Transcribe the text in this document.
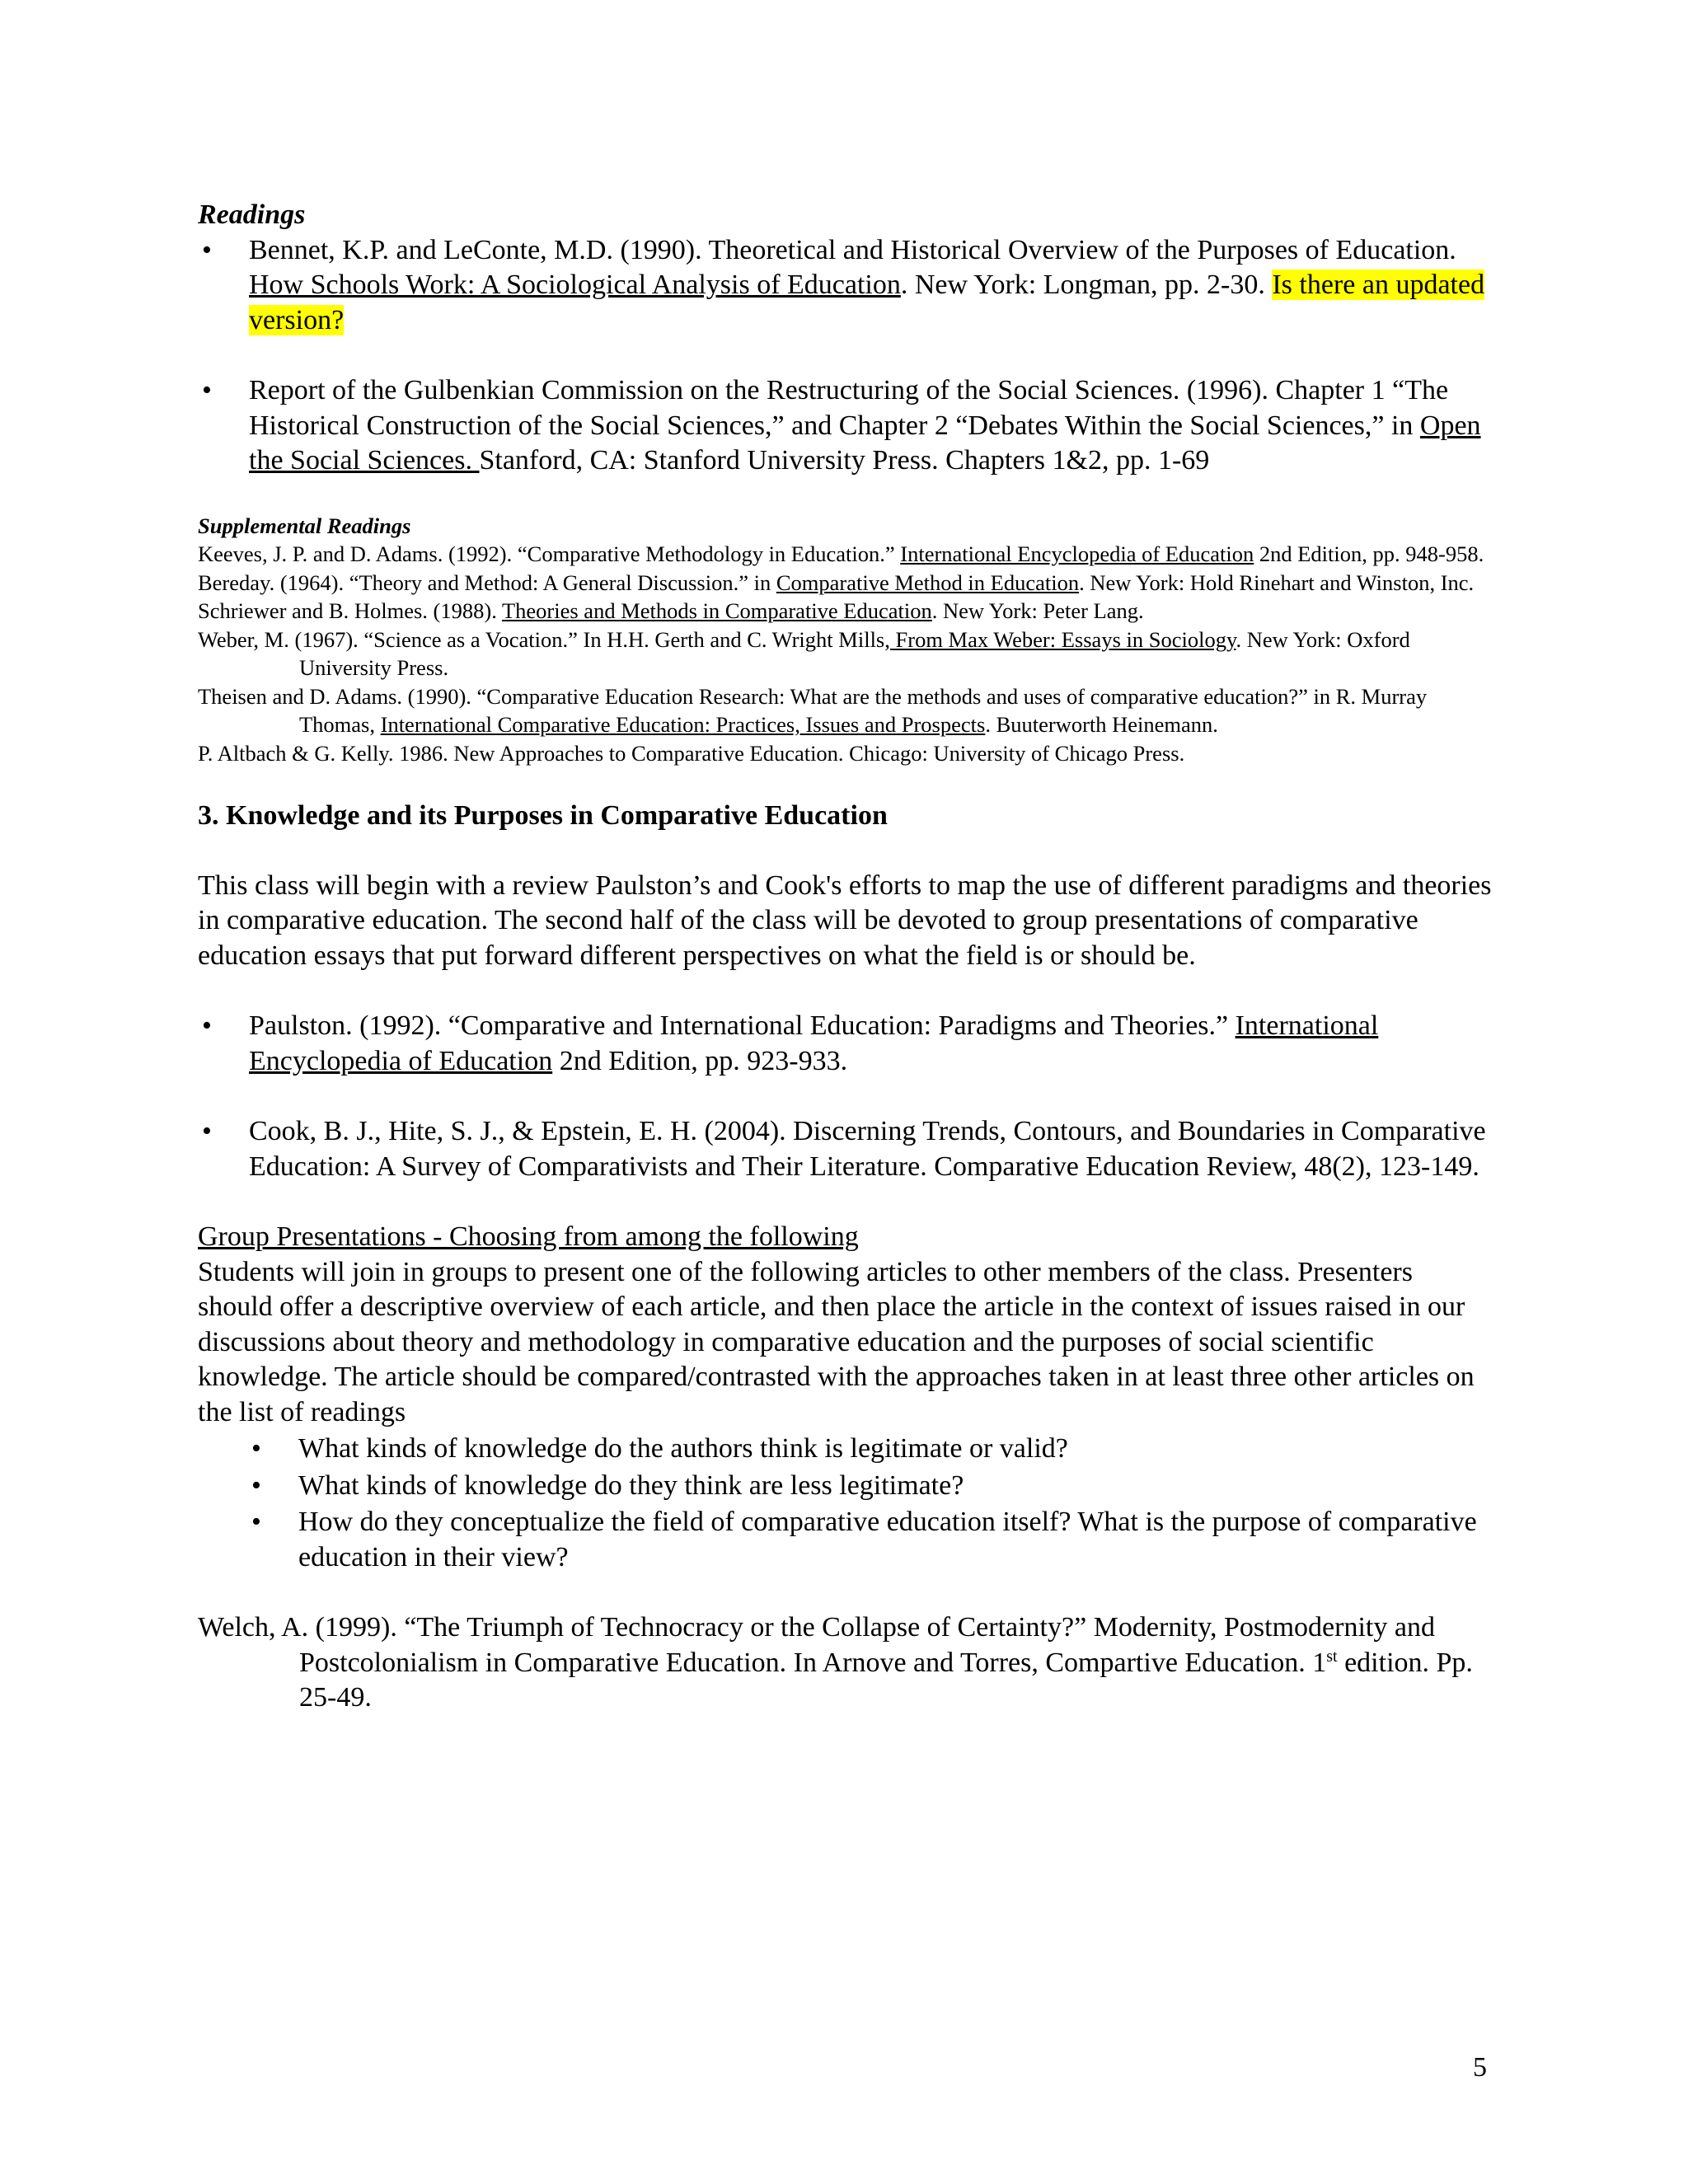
Readings
• Bennet, K.P. and LeConte, M.D. (1990). Theoretical and Historical Overview of the Purposes of Education. How Schools Work: A Sociological Analysis of Education. New York: Longman, pp. 2-30. Is there an updated version?
• Report of the Gulbenkian Commission on the Restructuring of the Social Sciences. (1996). Chapter 1 “The Historical Construction of the Social Sciences,” and Chapter 2 “Debates Within the Social Sciences,” in Open the Social Sciences. Stanford, CA: Stanford University Press. Chapters 1&2, pp. 1-69
Supplemental Readings
Keeves, J. P. and D. Adams. (1992). “Comparative Methodology in Education.” International Encyclopedia of Education 2nd Edition, pp. 948-958.
Bereday. (1964). “Theory and Method: A General Discussion.” in Comparative Method in Education. New York: Hold Rinehart and Winston, Inc.
Schriewer and B. Holmes. (1988). Theories and Methods in Comparative Education. New York: Peter Lang.
Weber, M. (1967). “Science as a Vocation.” In H.H. Gerth and C. Wright Mills, From Max Weber: Essays in Sociology. New York: Oxford University Press.
Theisen and D. Adams. (1990). “Comparative Education Research: What are the methods and uses of comparative education?” in R. Murray Thomas, International Comparative Education: Practices, Issues and Prospects. Buuterworth Heinemann.
P. Altbach & G. Kelly. 1986. New Approaches to Comparative Education. Chicago: University of Chicago Press.
3. Knowledge and its Purposes in Comparative Education
This class will begin with a review Paulston’s and Cook's efforts to map the use of different paradigms and theories in comparative education. The second half of the class will be devoted to group presentations of comparative education essays that put forward different perspectives on what the field is or should be.
• Paulston. (1992). “Comparative and International Education: Paradigms and Theories.” International Encyclopedia of Education 2nd Edition, pp. 923-933.
• Cook, B. J., Hite, S. J., & Epstein, E. H. (2004). Discerning Trends, Contours, and Boundaries in Comparative Education: A Survey of Comparativists and Their Literature. Comparative Education Review, 48(2), 123-149.
Group Presentations - Choosing from among the following
Students will join in groups to present one of the following articles to other members of the class. Presenters should offer a descriptive overview of each article, and then place the article in the context of issues raised in our discussions about theory and methodology in comparative education and the purposes of social scientific knowledge. The article should be compared/contrasted with the approaches taken in at least three other articles on the list of readings
• What kinds of knowledge do the authors think is legitimate or valid?
• What kinds of knowledge do they think are less legitimate?
• How do they conceptualize the field of comparative education itself? What is the purpose of comparative education in their view?
Welch, A. (1999). “The Triumph of Technocracy or the Collapse of Certainty?” Modernity, Postmodernity and Postcolonialism in Comparative Education. In Arnove and Torres, Compartive Education. 1st edition. Pp. 25-49.
5
